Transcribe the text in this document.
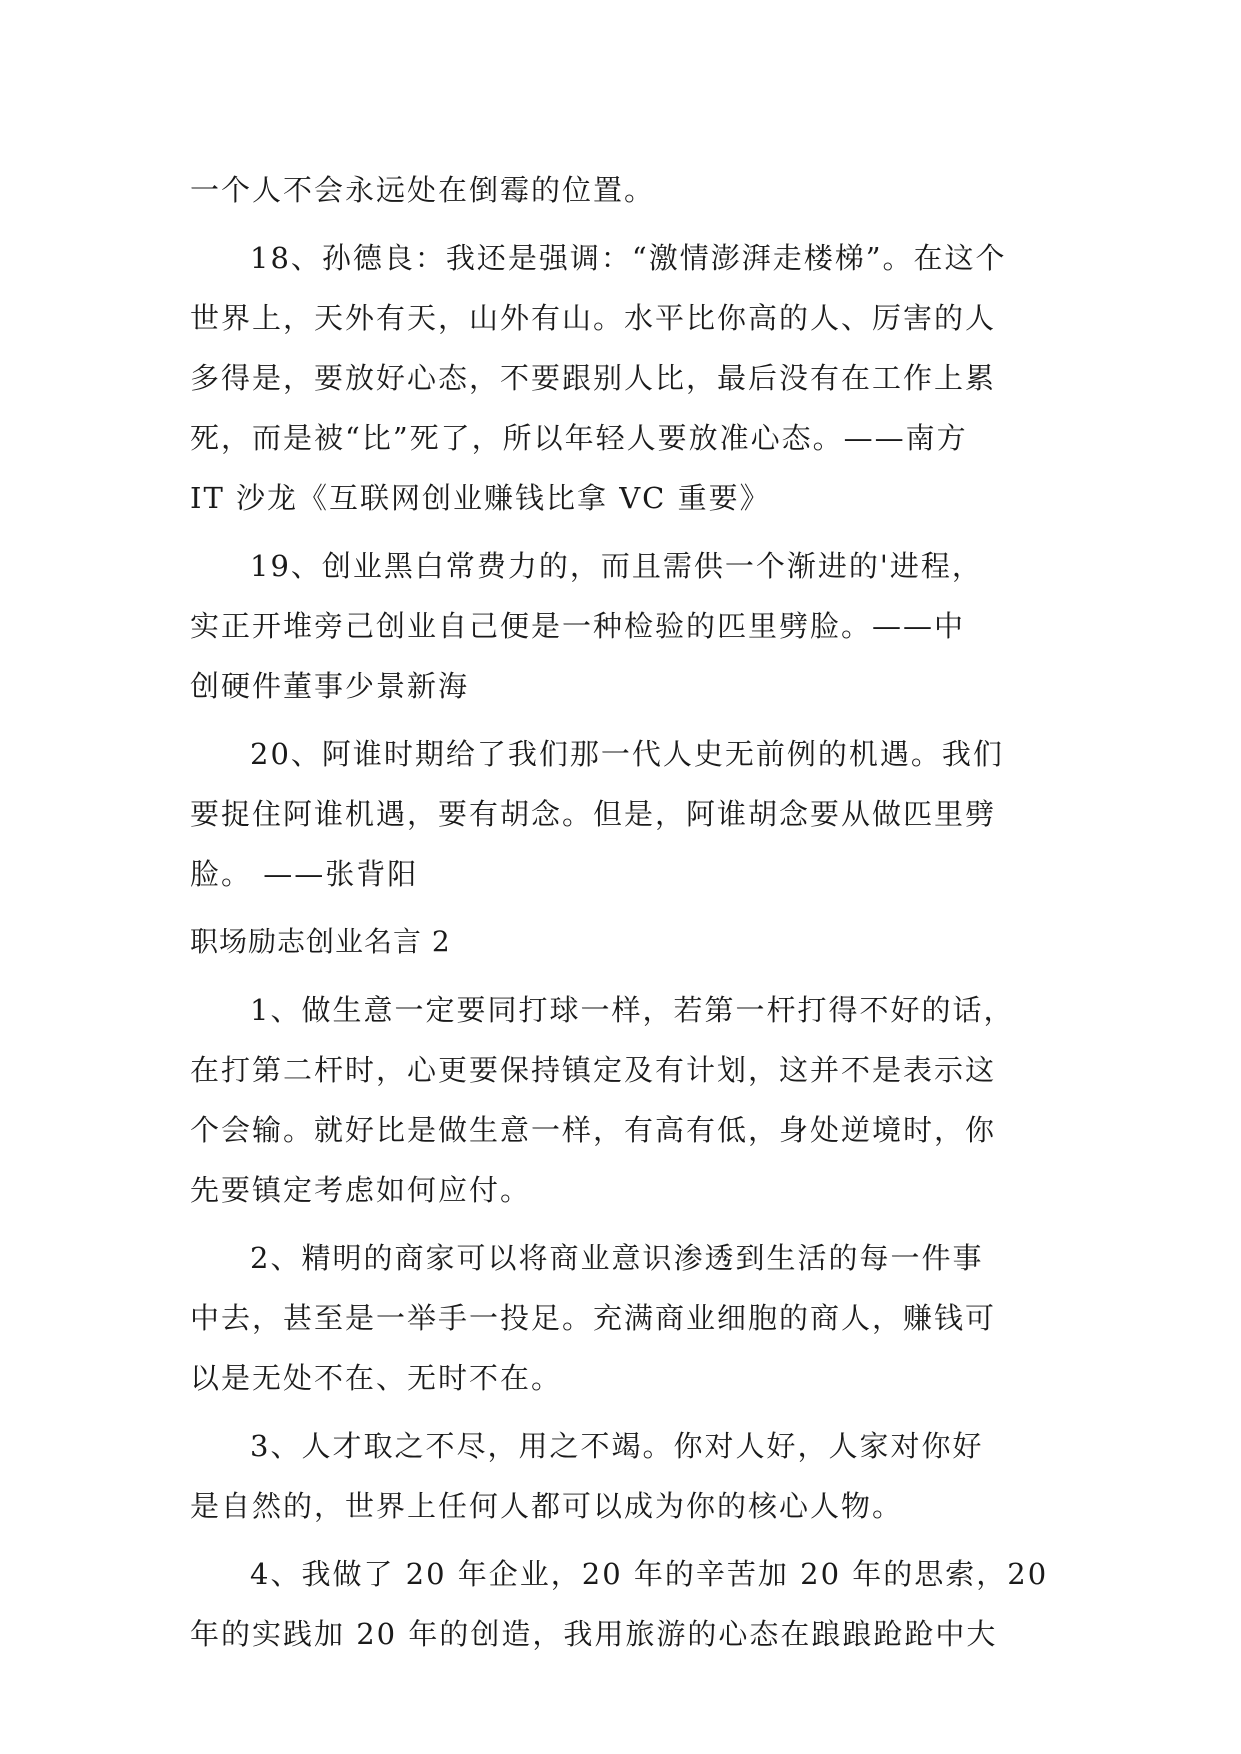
一个人不会永远处在倒霉的位置。
18、孙德良：我还是强调：“激情澎湃走楼梯”。在这个
世界上，天外有天，山外有山。水平比你高的人、厉害的人
多得是，要放好心态，不要跟别人比，最后没有在工作上累
死，而是被“比”死了，所以年轻人要放准心态。——南方
IT 沙龙《互联网创业赚钱比拿 VC 重要》
19、创业黑白常费力的，而且需供一个渐进的'进程，
实正开堆旁己创业自己便是一种检验的匹里劈脸。——中
创硬件董事少景新海
20、阿谁时期给了我们那一代人史无前例的机遇。我们
要捉住阿谁机遇，要有胡念。但是，阿谁胡念要从做匹里劈
脸。 ——张背阳
职场励志创业名言 2
1、做生意一定要同打球一样，若第一杆打得不好的话，
在打第二杆时，心更要保持镇定及有计划，这并不是表示这
个会输。就好比是做生意一样，有高有低，身处逆境时，你
先要镇定考虑如何应付。
2、精明的商家可以将商业意识渗透到生活的每一件事
中去，甚至是一举手一投足。充满商业细胞的商人，赚钱可
以是无处不在、无时不在。
3、人才取之不尽，用之不竭。你对人好，人家对你好
是自然的，世界上任何人都可以成为你的核心人物。
4、我做了 20 年企业，20 年的辛苦加 20 年的思索，20
年的实践加 20 年的创造，我用旅游的心态在踉踉跄跄中大
